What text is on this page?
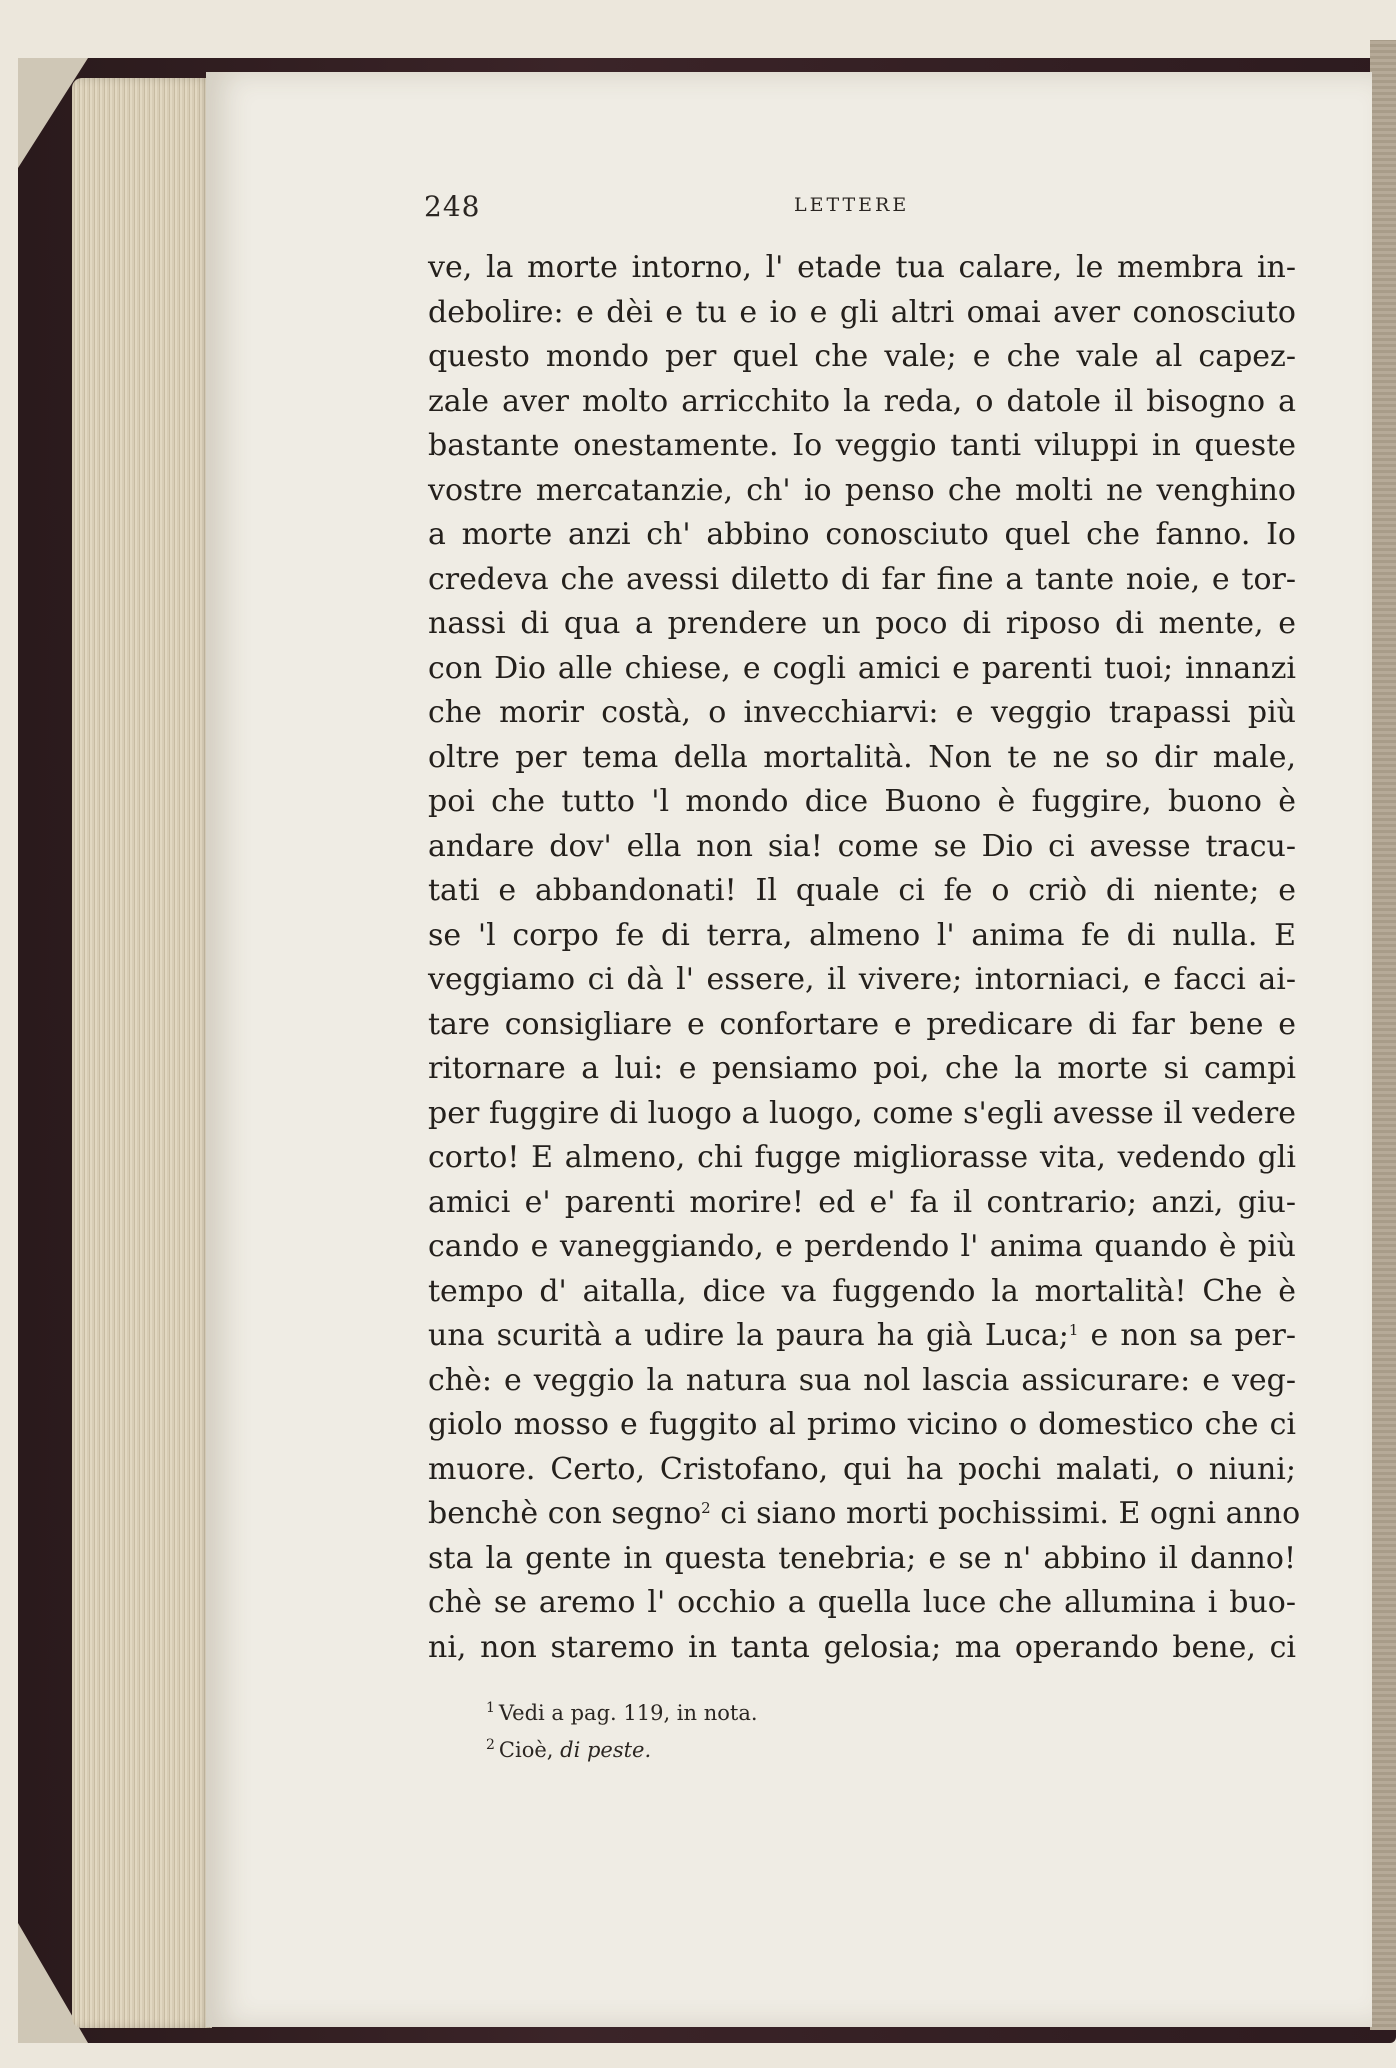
248	LETTERE
ve, la morte intorno, l' etade tua calare, le membra in-
debolire: e dèi e tu e io e gli altri omai aver conosciuto
questo mondo per quel che vale; e che vale al capez-
zale aver molto arricchito la reda, o datole il bisogno a
bastante onestamente. Io veggio tanti viluppi in queste
vostre mercatanzie, ch' io penso che molti ne venghino
a morte anzi ch' abbino conosciuto quel che fanno. Io
credeva che avessi diletto di far fine a tante noie, e tor-
nassi di qua a prendere un poco di riposo di mente, e
con Dio alle chiese, e cogli amici e parenti tuoi; innanzi
che morir costà, o invecchiarvi: e veggio trapassi più
oltre per tema della mortalità. Non te ne so dir male,
poi che tutto 'l mondo dice Buono è fuggire, buono è
andare dov' ella non sia! come se Dio ci avesse tracu-
tati e abbandonati! Il quale ci fe o criò di niente; e
se 'l corpo fe di terra, almeno l' anima fe di nulla. E
veggiamo ci dà l' essere, il vivere; intorniaci, e facci ai-
tare consigliare e confortare e predicare di far bene e
ritornare a lui: e pensiamo poi, che la morte si campi
per fuggire di luogo a luogo, come s'egli avesse il vedere
corto! E almeno, chi fugge migliorasse vita, vedendo gli
amici e' parenti morire! ed e' fa il contrario; anzi, giu-
cando e vaneggiando, e perdendo l' anima quando è più
tempo d' aitalla, dice va fuggendo la mortalità! Che è
una scurità a udire la paura ha già Luca;$^1$ e non sa per-
chè: e veggio la natura sua nol lascia assicurare: e veg-
giolo mosso e fuggito al primo vicino o domestico che ci
muore. Certo, Cristofano, qui ha pochi malati, o niuni;
benchè con segno$^2$ ci siano morti pochissimi. E ogni anno
sta la gente in questa tenebria; e se n' abbino il danno!
chè se aremo l' occhio a quella luce che allumina i buo-
ni, non staremo in tanta gelosia; ma operando bene, ci
$^1$ Vedi a pag. 119, in nota.
$^2$ Cioè, di peste.
